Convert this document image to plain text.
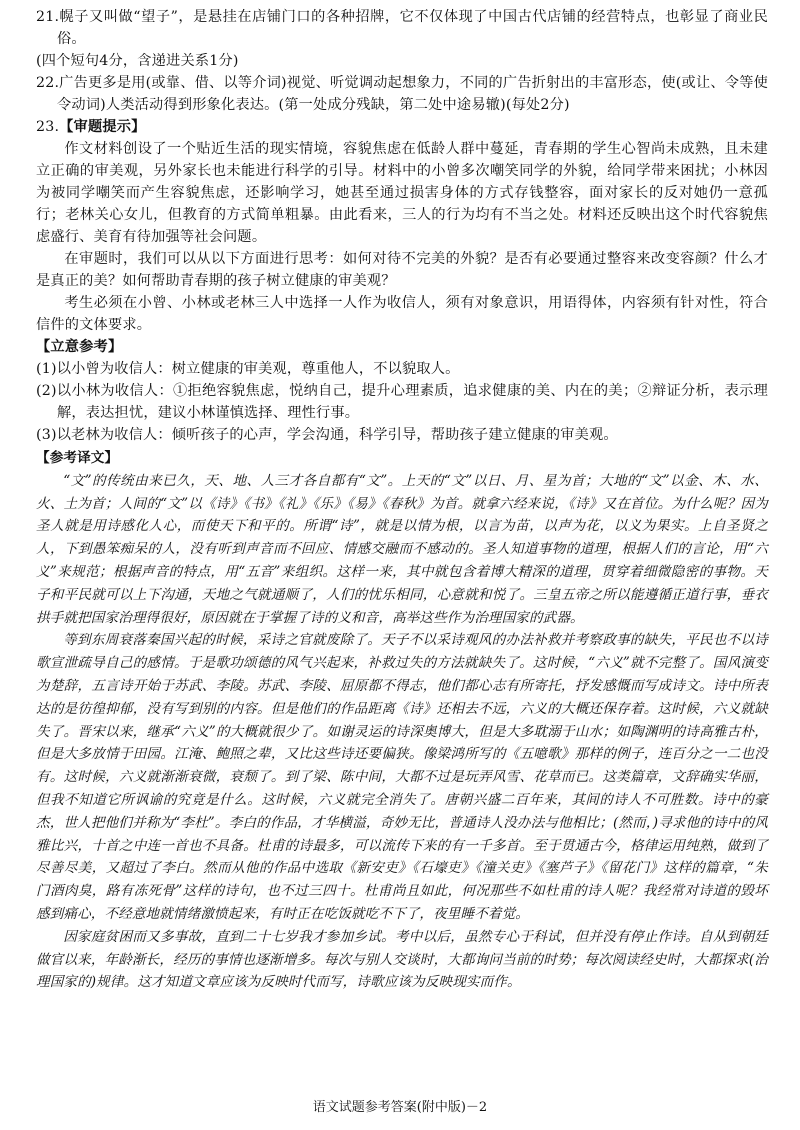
21.幌子又叫做“望子”，是悬挂在店铺门口的各种招牌，它不仅体现了中国古代店铺的经营特点，也彰显了商业民俗。

(四个短句4分，含递进关系1分)

22.广告更多是用(或靠、借、以等介词)视觉、听觉调动起想象力，不同的广告折射出的丰富形态，使(或让、令等使令动词)人类活动得到形象化表达。(第一处成分残缺，第二处中途易辙)(每处2分)

23.【审题提示】

作文材料创设了一个贴近生活的现实情境，容貌焦虑在低龄人群中蔓延，青春期的学生心智尚未成熟，且未建立正确的审美观，另外家长也未能进行科学的引导。材料中的小曾多次嘲笑同学的外貌，给同学带来困扰；小林因为被同学嘲笑而产生容貌焦虑，还影响学习，她甚至通过损害身体的方式存钱整容，面对家长的反对她仍一意孤行；老林关心女儿，但教育的方式简单粗暴。由此看来，三人的行为均有不当之处。材料还反映出这个时代容貌焦虑盛行、美育有待加强等社会问题。

在审题时，我们可以从以下方面进行思考：如何对待不完美的外貌？是否有必要通过整容来改变容颜？什么才是真正的美？如何帮助青春期的孩子树立健康的审美观？

考生必须在小曾、小林或老林三人中选择一人作为收信人，须有对象意识，用语得体，内容须有针对性，符合信件的文体要求。

【立意参考】

(1)以小曾为收信人：树立健康的审美观，尊重他人，不以貌取人。

(2)以小林为收信人：①拒绝容貌焦虑，悦纳自己，提升心理素质，追求健康的美、内在的美；②辩证分析，表示理解，表达担忧，建议小林谨慎选择、理性行事。

(3)以老林为收信人：倾听孩子的心声，学会沟通，科学引导，帮助孩子建立健康的审美观。

【参考译文】

“文”的传统由来已久，天、地、人三才各自都有“文”。上天的“文”以日、月、星为首；大地的“文”以金、木、水、火、土为首；人间的“文”以《诗》《书》《礼》《乐》《易》《春秋》为首。就拿六经来说，《诗》又在首位。为什么呢？因为圣人就是用诗感化人心，而使天下和平的。所谓“诗”，就是以情为根，以言为苗，以声为花，以义为果实。上自圣贤之人，下到愚笨痴呆的人，没有听到声音而不回应、情感交融而不感动的。圣人知道事物的道理，根据人们的言论，用“六义”来规范；根据声音的特点，用“五音”来组织。这样一来，其中就包含着博大精深的道理，贯穿着细微隐密的事物。天子和平民就可以上下沟通，天地之气就通顺了，人们的忧乐相同，心意就和悦了。三皇五帝之所以能遵循正道行事，垂衣拱手就把国家治理得很好，原因就在于掌握了诗的义和音，高举这些作为治理国家的武器。

等到东周衰落秦国兴起的时候，采诗之官就废除了。天子不以采诗观风的办法补救并考察政事的缺失，平民也不以诗歌宣泄疏导自己的感情。于是歌功颂德的风气兴起来，补救过失的方法就缺失了。这时候，“六义”就不完整了。国风演变为楚辞，五言诗开始于苏武、李陵。苏武、李陵、屈原都不得志，他们都心志有所寄托，抒发感慨而写成诗文。诗中所表达的是彷徨抑郁，没有写到别的内容。但是他们的作品距离《诗》还相去不远，六义的大概还保存着。这时候，六义就缺失了。晋宋以来，继承“六义”的大概就很少了。如谢灵运的诗深奥博大，但是大多耽溺于山水；如陶渊明的诗高雅古朴，但是大多放情于田园。江淹、鲍照之辈，又比这些诗还要偏狭。像梁鸿所写的《五噫歌》那样的例子，连百分之一二也没有。这时候，六义就渐渐衰微，衰颓了。到了梁、陈中间，大都不过是玩弄风雪、花草而已。这类篇章，文辞确实华丽，但我不知道它所讽谕的究竟是什么。这时候，六义就完全消失了。唐朝兴盛二百年来，其间的诗人不可胜数。诗中的豪杰，世人把他们并称为“李杜”。李白的作品，才华横溢，奇妙无比，普通诗人没办法与他相比；(然而，)寻求他的诗中的风雅比兴，十首之中连一首也不具备。杜甫的诗最多，可以流传下来的有一千多首。至于贯通古今，格律运用纯熟，做到了尽善尽美，又超过了李白。然而从他的作品中选取《新安吏》《石壕吏》《潼关吏》《塞芦子》《留花门》这样的篇章，“朱门酒肉臭，路有冻死骨”这样的诗句，也不过三四十。杜甫尚且如此，何况那些不如杜甫的诗人呢？我经常对诗道的毁坏感到痛心，不经意地就情绪激愤起来，有时正在吃饭就吃不下了，夜里睡不着觉。

因家庭贫困而又多事故，直到二十七岁我才参加乡试。考中以后，虽然专心于科试，但并没有停止作诗。自从到朝廷做官以来，年龄渐长，经历的事情也逐渐增多。每次与别人交谈时，大都询问当前的时势；每次阅读经史时，大都探求(治理国家的)规律。这才知道文章应该为反映时代而写，诗歌应该为反映现实而作。

语文试题参考答案(附中版)－2
